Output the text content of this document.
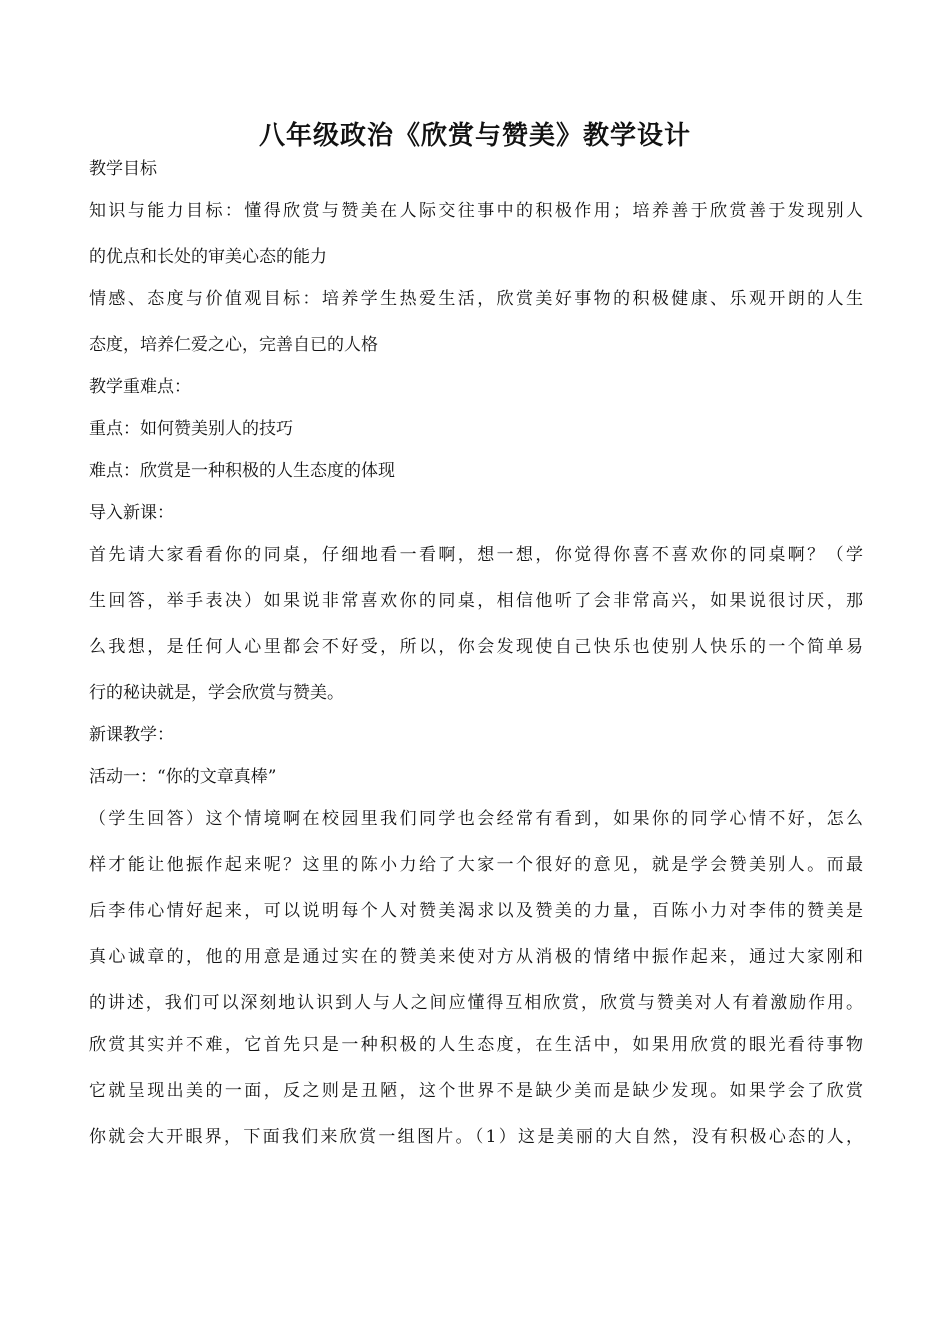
八年级政治《欣赏与赞美》教学设计
教学目标
知识与能力目标：懂得欣赏与赞美在人际交往事中的积极作用；培养善于欣赏善于发现别人
的优点和长处的审美心态的能力
情感、态度与价值观目标：培养学生热爱生活，欣赏美好事物的积极健康、乐观开朗的人生
态度，培养仁爱之心，完善自已的人格
教学重难点：
重点：如何赞美别人的技巧
难点：欣赏是一种积极的人生态度的体现
导入新课：
首先请大家看看你的同桌，仔细地看一看啊，想一想，你觉得你喜不喜欢你的同桌啊？（学
生回答，举手表决）如果说非常喜欢你的同桌，相信他听了会非常高兴，如果说很讨厌，那
么我想，是任何人心里都会不好受，所以，你会发现使自己快乐也使别人快乐的一个简单易
行的秘诀就是，学会欣赏与赞美。
新课教学：
活动一：“你的文章真棒”
（学生回答）这个情境啊在校园里我们同学也会经常有看到，如果你的同学心情不好，怎么
样才能让他振作起来呢？这里的陈小力给了大家一个很好的意见，就是学会赞美别人。而最
后李伟心情好起来，可以说明每个人对赞美渴求以及赞美的力量，百陈小力对李伟的赞美是
真心诚章的，他的用意是通过实在的赞美来使对方从消极的情绪中振作起来，通过大家刚和
的讲述，我们可以深刻地认识到人与人之间应懂得互相欣赏，欣赏与赞美对人有着激励作用。
欣赏其实并不难，它首先只是一种积极的人生态度，在生活中，如果用欣赏的眼光看待事物
它就呈现出美的一面，反之则是丑陋，这个世界不是缺少美而是缺少发现。如果学会了欣赏
你就会大开眼界，下面我们来欣赏一组图片。（1）这是美丽的大自然，没有积极心态的人，
